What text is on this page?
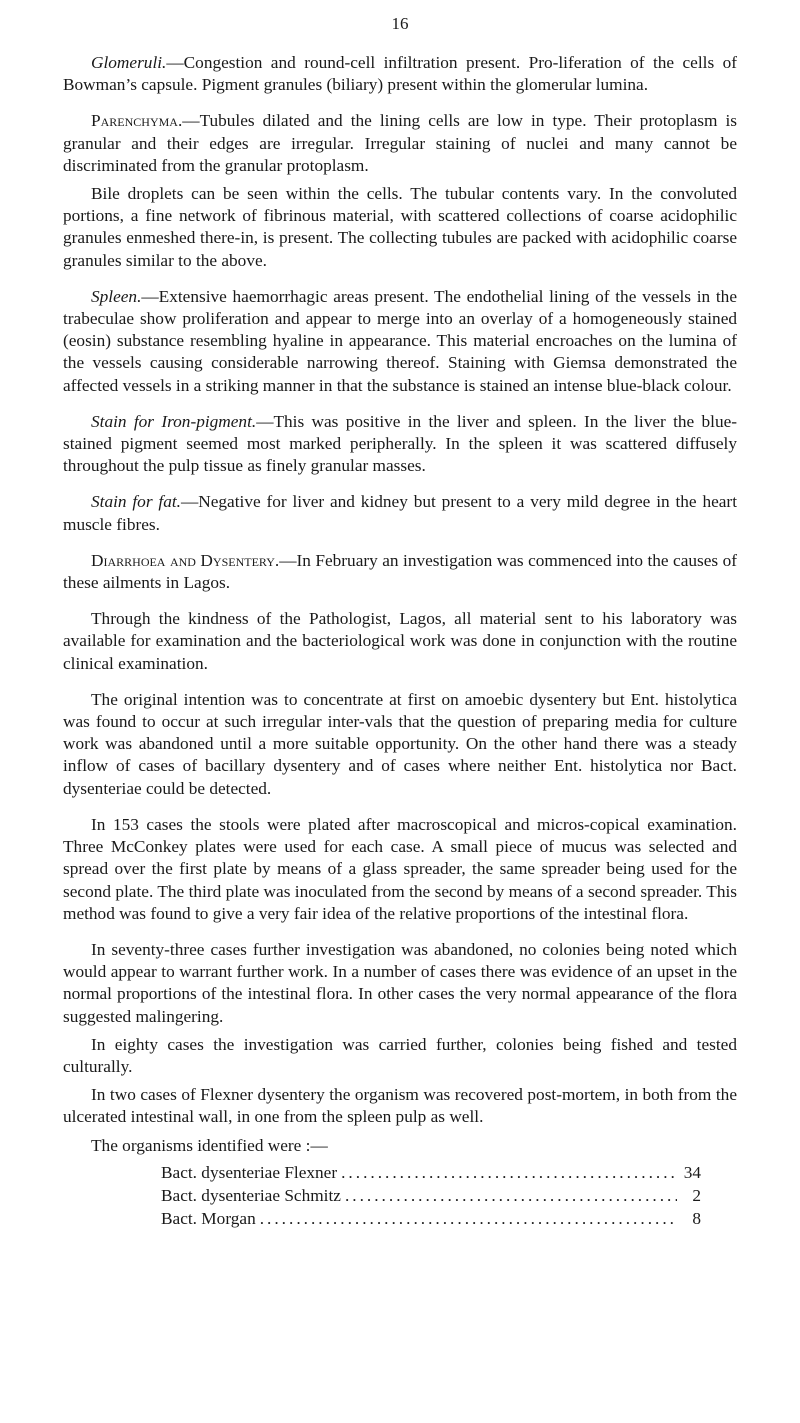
16

Glomeruli.—Congestion and round-cell infiltration present. Pro-liferation of the cells of Bowman’s capsule. Pigment granules (biliary) present within the glomerular lumina.

Parenchyma.—Tubules dilated and the lining cells are low in type. Their protoplasm is granular and their edges are irregular. Irregular staining of nuclei and many cannot be discriminated from the granular protoplasm.

Bile droplets can be seen within the cells. The tubular contents vary. In the convoluted portions, a fine network of fibrinous material, with scattered collections of coarse acidophilic granules enmeshed there-in, is present. The collecting tubules are packed with acidophilic coarse granules similar to the above.

Spleen.—Extensive haemorrhagic areas present. The endothelial lining of the vessels in the trabeculae show proliferation and appear to merge into an overlay of a homogeneously stained (eosin) substance resembling hyaline in appearance. This material encroaches on the lumina of the vessels causing considerable narrowing thereof. Staining with Giemsa demonstrated the affected vessels in a striking manner in that the substance is stained an intense blue-black colour.

Stain for Iron-pigment.—This was positive in the liver and spleen. In the liver the blue-stained pigment seemed most marked peripherally. In the spleen it was scattered diffusely throughout the pulp tissue as finely granular masses.

Stain for fat.—Negative for liver and kidney but present to a very mild degree in the heart muscle fibres.

Diarrhoea and Dysentery.—In February an investigation was commenced into the causes of these ailments in Lagos.

Through the kindness of the Pathologist, Lagos, all material sent to his laboratory was available for examination and the bacteriological work was done in conjunction with the routine clinical examination.

The original intention was to concentrate at first on amoebic dysentery but Ent. histolytica was found to occur at such irregular inter-vals that the question of preparing media for culture work was abandoned until a more suitable opportunity. On the other hand there was a steady inflow of cases of bacillary dysentery and of cases where neither Ent. histolytica nor Bact. dysenteriae could be detected.

In 153 cases the stools were plated after macroscopical and micros-copical examination. Three McConkey plates were used for each case. A small piece of mucus was selected and spread over the first plate by means of a glass spreader, the same spreader being used for the second plate. The third plate was inoculated from the second by means of a second spreader. This method was found to give a very fair idea of the relative proportions of the intestinal flora.

In seventy-three cases further investigation was abandoned, no colonies being noted which would appear to warrant further work. In a number of cases there was evidence of an upset in the normal proportions of the intestinal flora. In other cases the very normal appearance of the flora suggested malingering.

In eighty cases the investigation was carried further, colonies being fished and tested culturally.

In two cases of Flexner dysentery the organism was recovered post-mortem, in both from the ulcerated intestinal wall, in one from the spleen pulp as well.

The organisms identified were :—

Bact. dysenteriae Flexner .....	34
Bact. dysenteriae Schmitz .....	2
Bact. Morgan .....	8
